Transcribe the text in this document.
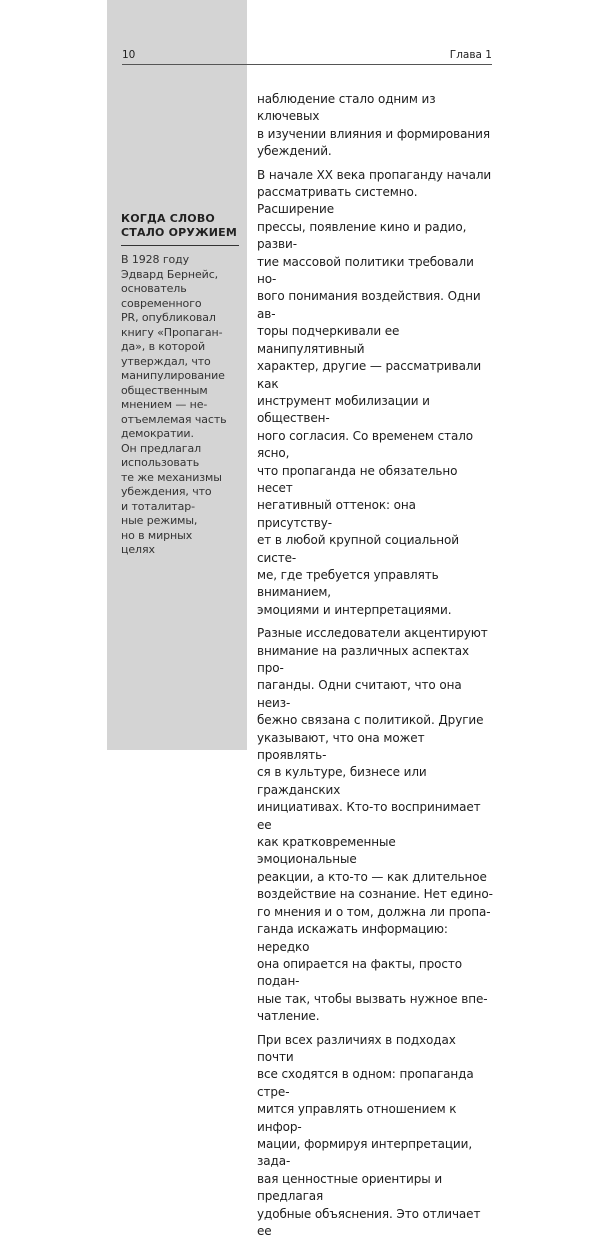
10	Глава 1
КОГДА СЛОВО
СТАЛО ОРУЖИЕМ

В 1928 году
Эдвард Бернейс,
основатель
современного
PR, опубликовал
книгу «Пропаган-
да», в которой
утверждал, что
манипулирование
общественным
мнением — не-
отъемлемая часть
демократии.
Он предлагал
использовать
те же механизмы
убеждения, что
и тоталитар-
ные режимы,
но в мирных
целях

наблюдение стало одним из ключевых
в изучении влияния и формирования
убеждений.

В начале XX века пропаганду начали
рассматривать системно. Расширение
прессы, появление кино и радио, разви-
тие массовой политики требовали но-
вого понимания воздействия. Одни ав-
торы подчеркивали ее манипулятивный
характер, другие — рассматривали как
инструмент мобилизации и обществен-
ного согласия. Со временем стало ясно,
что пропаганда не обязательно несет
негативный оттенок: она присутству-
ет в любой крупной социальной систе-
ме, где требуется управлять вниманием,
эмоциями и интерпретациями.

Разные исследователи акцентируют
внимание на различных аспектах про-
паганды. Одни считают, что она неиз-
бежно связана с политикой. Другие
указывают, что она может проявлять-
ся в культуре, бизнесе или гражданских
инициативах. Кто-то воспринимает ее
как кратковременные эмоциональные
реакции, а кто-то — как длительное
воздействие на сознание. Нет едино-
го мнения и о том, должна ли пропа-
ганда искажать информацию: нередко
она опирается на факты, просто подан-
ные так, чтобы вызвать нужное впе-
чатление.

При всех различиях в подходах почти
все сходятся в одном: пропаганда стре-
мится управлять отношением к инфор-
мации, формируя интерпретации, зада-
вая ценностные ориентиры и предлагая
удобные объяснения. Это отличает ее
